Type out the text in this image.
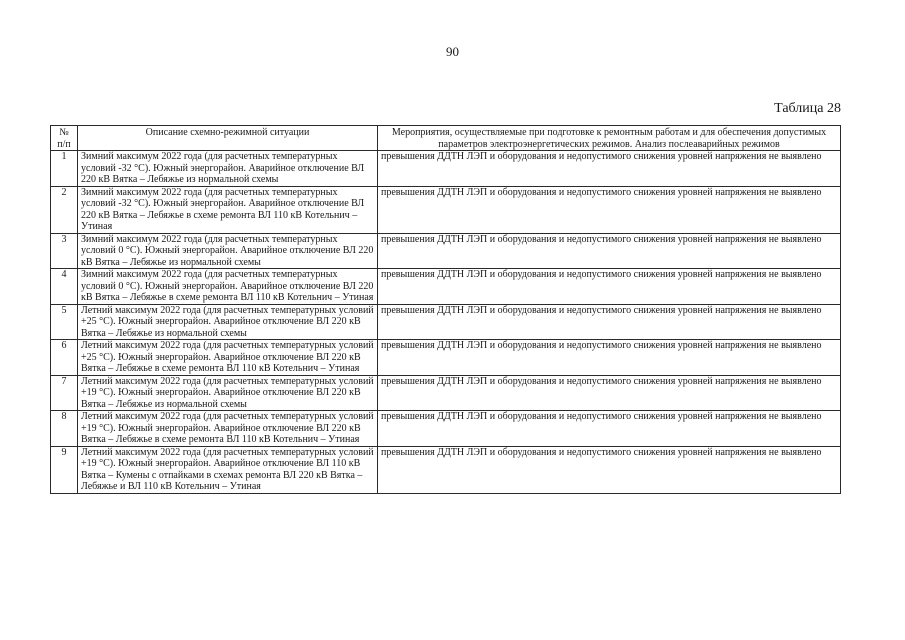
90
Таблица 28
№ п/п	Описание схемно-режимной ситуации	Мероприятия, осуществляемые при подготовке к ремонтным работам и для обеспечения допустимых параметров электроэнергетических режимов. Анализ послеаварийных режимов

1	Зимний максимум 2022 года (для расчетных температурных условий -32 °С). Южный энергорайон. Аварийное отключение ВЛ 220 кВ Вятка – Лебяжье из нормальной схемы	превышения ДДТН ЛЭП и оборудования и недопустимого снижения уровней напряжения не выявлено

2	Зимний максимум 2022 года (для расчетных температурных условий -32 °С). Южный энергорайон. Аварийное отключение ВЛ 220 кВ Вятка – Лебяжье в схеме ремонта ВЛ 110 кВ Котельнич – Утиная	превышения ДДТН ЛЭП и оборудования и недопустимого снижения уровней напряжения не выявлено

3	Зимний максимум 2022 года (для расчетных температурных условий 0 °С). Южный энергорайон. Аварийное отключение ВЛ 220 кВ Вятка – Лебяжье из нормальной схемы	превышения ДДТН ЛЭП и оборудования и недопустимого снижения уровней напряжения не выявлено

4	Зимний максимум 2022 года (для расчетных температурных условий 0 °С). Южный энергорайон. Аварийное отключение ВЛ 220 кВ Вятка – Лебяжье в схеме ремонта ВЛ 110 кВ Котельнич – Утиная	превышения ДДТН ЛЭП и оборудования и недопустимого снижения уровней напряжения не выявлено

5	Летний максимум 2022 года (для расчетных температурных условий +25 °С). Южный энергорайон. Аварийное отключение ВЛ 220 кВ Вятка – Лебяжье из нормальной схемы	превышения ДДТН ЛЭП и оборудования и недопустимого снижения уровней напряжения не выявлено

6	Летний максимум 2022 года (для расчетных температурных условий +25 °С). Южный энергорайон. Аварийное отключение ВЛ 220 кВ Вятка – Лебяжье в схеме ремонта ВЛ 110 кВ Котельнич – Утиная	превышения ДДТН ЛЭП и оборудования и недопустимого снижения уровней напряжения не выявлено

7	Летний максимум 2022 года (для расчетных температурных условий +19 °С). Южный энергорайон. Аварийное отключение ВЛ 220 кВ Вятка – Лебяжье из нормальной схемы	превышения ДДТН ЛЭП и оборудования и недопустимого снижения уровней напряжения не выявлено

8	Летний максимум 2022 года (для расчетных температурных условий +19 °С). Южный энергорайон. Аварийное отключение ВЛ 220 кВ Вятка – Лебяжье в схеме ремонта ВЛ 110 кВ Котельнич – Утиная	превышения ДДТН ЛЭП и оборудования и недопустимого снижения уровней напряжения не выявлено

9	Летний максимум 2022 года (для расчетных температурных условий +19 °С). Южный энергорайон. Аварийное отключение ВЛ 110 кВ Вятка – Кумены с отпайками в схемах ремонта ВЛ 220 кВ Вятка – Лебяжье и ВЛ 110 кВ Котельнич – Утиная	превышения ДДТН ЛЭП и оборудования и недопустимого снижения уровней напряжения не выявлено
